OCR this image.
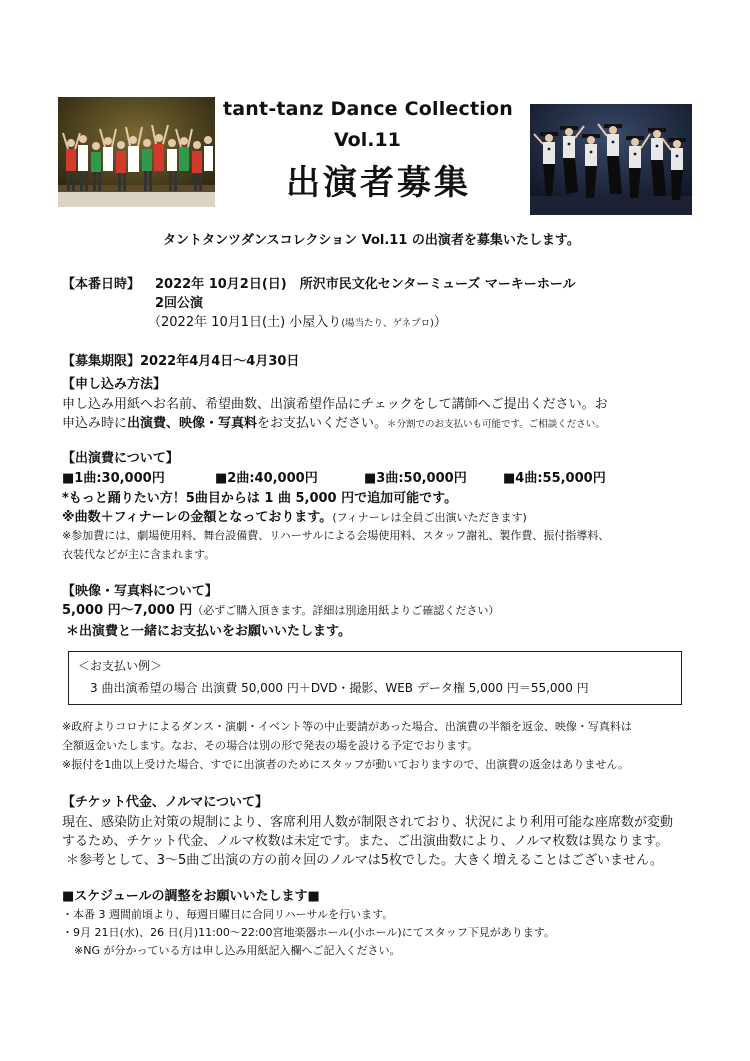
tant-tanz Dance Collection
Vol.11
出演者募集
タントタンツダンスコレクション Vol.11 の出演者を募集いたします。
【本番日時】 2022年 10月2日(日)　所沢市民文化センターミューズ マーキーホール
2回公演
（2022年 10月1日(土) 小屋入り(場当たり、ゲネプロ)）
【募集期限】2022年4月4日～4月30日
【申し込み方法】
申し込み用紙へお名前、希望曲数、出演希望作品にチェックをして講師へご提出ください。お
申込み時に出演費、映像・写真料をお支払いください。＊分割でのお支払いも可能です。ご相談ください。
【出演費について】
■1曲:30,000円	■2曲:40,000円	■3曲:50,000円	■4曲:55,000円
*もっと踊りたい方！5曲目からは 1 曲 5,000 円で追加可能です。
※曲数＋フィナーレの金額となっております。(フィナーレは全員ご出演いただきます)
※参加費には、劇場使用料、舞台設備費、リハーサルによる会場使用料、スタッフ謝礼、製作費、振付指導料、
衣装代などが主に含まれます。
【映像・写真料について】
5,000 円～7,000 円（必ずご購入頂きます。詳細は別途用紙よりご確認ください）
＊出演費と一緒にお支払いをお願いいたします。
＜お支払い例＞
3 曲出演希望の場合 出演費 50,000 円＋DVD・撮影、WEB データ権 5,000 円＝55,000 円
※政府よりコロナによるダンス・演劇・イベント等の中止要請があった場合、出演費の半額を返金、映像・写真料は
全額返金いたします。なお、その場合は別の形で発表の場を設ける予定でおります。
※振付を1曲以上受けた場合、すでに出演者のためにスタッフが動いておりますので、出演費の返金はありません。
【チケット代金、ノルマについて】
現在、感染防止対策の規制により、客席利用人数が制限されており、状況により利用可能な座席数が変動
するため、チケット代金、ノルマ枚数は未定です。また、ご出演曲数により、ノルマ枚数は異なります。
＊参考として、3～5曲ご出演の方の前々回のノルマは5枚でした。大きく増えることはございません。
■スケジュールの調整をお願いいたします■
・本番 3 週間前頃より、毎週日曜日に合同リハーサルを行います。
・9月 21日(水)、26 日(月)11:00～22:00宮地楽器ホール(小ホール)にてスタッフ下見があります。
※NG が分かっている方は申し込み用紙記入欄へご記入ください。
